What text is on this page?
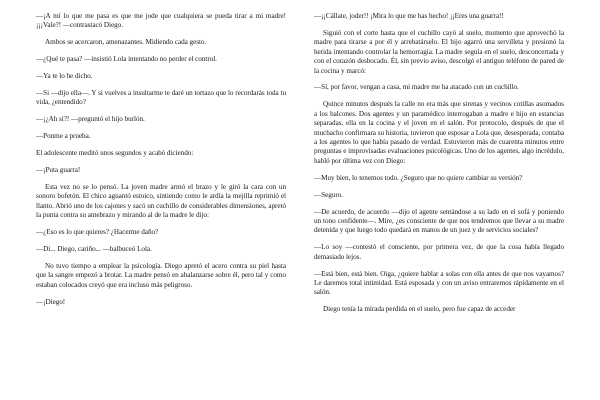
—¡A mí lo que me pasa es que me jode que cualquiera se pueda tirar a mi madre! ¡¡¡Vale?! —contrastacó Diego.

Ambos se acercaron, amenazantes. Midiendo cada gesto.

—¿Qué te pasa? —insistió Lola intentando no perder el control.

—Ya te lo he dicho.

—Si —dijo ella—. Y si vuelves a insultarme te daré un tortazo que lo recordarás toda tu vida, ¿entendido?

—¡¿Ah sí?! —preguntó el hijo burlón.

—Ponme a prueba.

El adolescente meditó unos segundos y acabó diciendo:

—¡Puta guarra!

Esta vez no se lo pensó. La joven madre armó el brazo y le giró la cara con un sonoro bofetón. El chico aguantó estoico, sintiendo como le ardía la mejilla reprimió el llanto. Abrió uno de los cajones y sacó un cuchillo de considerables dimensiones, apretó la punta contra su antebrazo y mirando al de la madre le dijo:

—¿Eso es lo que quieres? ¿Hacerme daño?

—Di... Diego, cariño... —balbuceó Lola.

No tuvo tiempo a emplear la psicología. Diego apretó el acero contra su piel hasta que la sangre empezó a brotar. La madre pensó en abalanzarse sobre él, pero tal y como estaban colocados creyó que era incluso más peligroso.

—¡Diego!

—¡¡Cállate, joder!! ¡Mira lo que me has hecho! ¡¡Eres una guarra!!

Siguió con el corte hasta que el cuchillo cayó al suelo, momento que aprovechó la madre para tirarse a por él y arrebatárselo. El hijo agarró una servilleta y presionó la herida intentando controlar la hemorragia. La madre seguía en el suelo, desconcertada y con el corazón desbocado. Él, sin previo aviso, descolgó el antiguo teléfono de pared de la cocina y marcó:

—Sí, por favor, vengan a casa, mi madre me ha atacado con un cuchillo.

Quince minutos después la calle no era más que sirenas y vecinos cotillas asomados a los balcones. Dos agentes y un paramédico interrogaban a madre e hijo en estancias separadas, ella en la cocina y el joven en el salón. Por protocolo, después de que el muchacho confirmara su historia, tuvieron que esposar a Lola que, desesperada, contaba a los agentes lo que había pasado de verdad. Estuvieron más de cuarenta minutos entre preguntas e improvisadas evaluaciones psicológicas. Uno de los agentes, algo incrédulo, habló por última vez con Diego:

—Muy bien, lo tenemos todo. ¿Seguro que no quiere cambiar su versión?

—Seguro.

—De acuerdo, de acuerdo —dijo el agente sentándose a su lado en el sofá y poniendo un tono confidente—. Mire, ¿es consciente de que nos tendremos que llevar a su madre detenida y que luego todo quedará en manos de un juez y de servicios sociales?

—Lo soy —contestó el consciente, por primera vez, de que la cosa había llegado demasiado lejos.

—Está bien, está bien. Oiga, ¿quiere hablar a solas con ella antes de que nos vayamos? Le daremos total intimidad. Está esposada y con un aviso entraremos rápidamente en el salón.

Diego tenía la mirada perdida en el suelo, pero fue capaz de acceder
